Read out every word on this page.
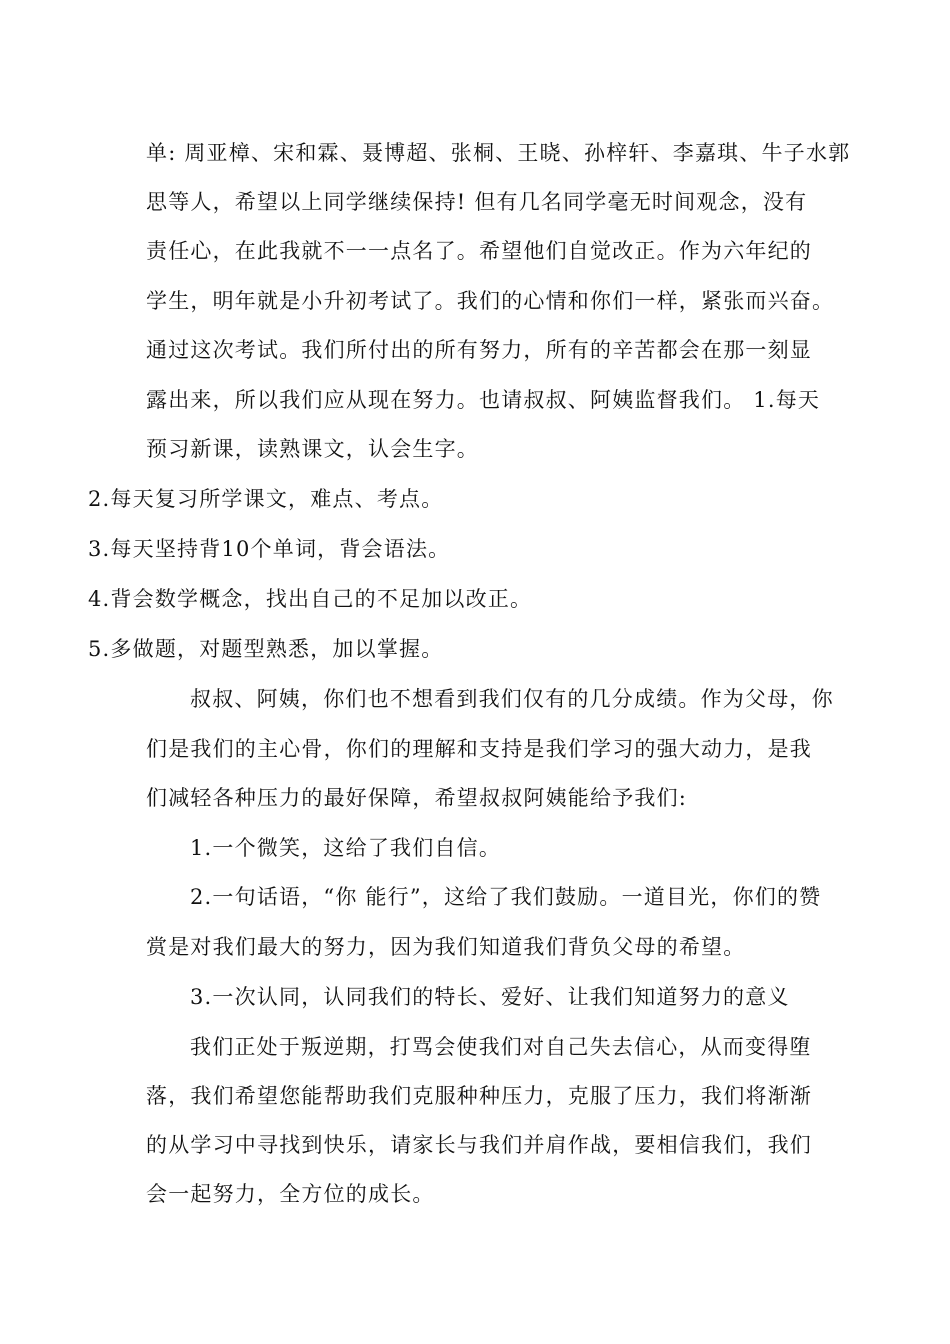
单: 周亚樟、宋和霖、聂博超、张桐、王晓、孙梓轩、李嘉琪、牛子水郭
思等人，希望以上同学继续保持! 但有几名同学毫无时间观念，没有
责任心，在此我就不一一点名了。希望他们自觉改正。作为六年纪的
学生，明年就是小升初考试了。我们的心情和你们一样，紧张而兴奋。
通过这次考试。我们所付出的所有努力，所有的辛苦都会在那一刻显
露出来，所以我们应从现在努力。也请叔叔、阿姨监督我们。 1.每天
预习新课，读熟课文，认会生字。
2.每天复习所学课文，难点、考点。
3.每天坚持背10个单词，背会语法。
4.背会数学概念，找出自己的不足加以改正。
5.多做题，对题型熟悉，加以掌握。
叔叔、阿姨，你们也不想看到我们仅有的几分成绩。作为父母，你
们是我们的主心骨，你们的理解和支持是我们学习的强大动力，是我
们减轻各种压力的最好保障，希望叔叔阿姨能给予我们:
1.一个微笑，这给了我们自信。
2.一句话语，“你 能行”，这给了我们鼓励。一道目光，你们的赞
赏是对我们最大的努力，因为我们知道我们背负父母的希望。
3.一次认同，认同我们的特长、爱好、让我们知道努力的意义
我们正处于叛逆期，打骂会使我们对自己失去信心，从而变得堕
落，我们希望您能帮助我们克服种种压力，克服了压力，我们将渐渐
的从学习中寻找到快乐，请家长与我们并肩作战，要相信我们，我们
会一起努力，全方位的成长。
